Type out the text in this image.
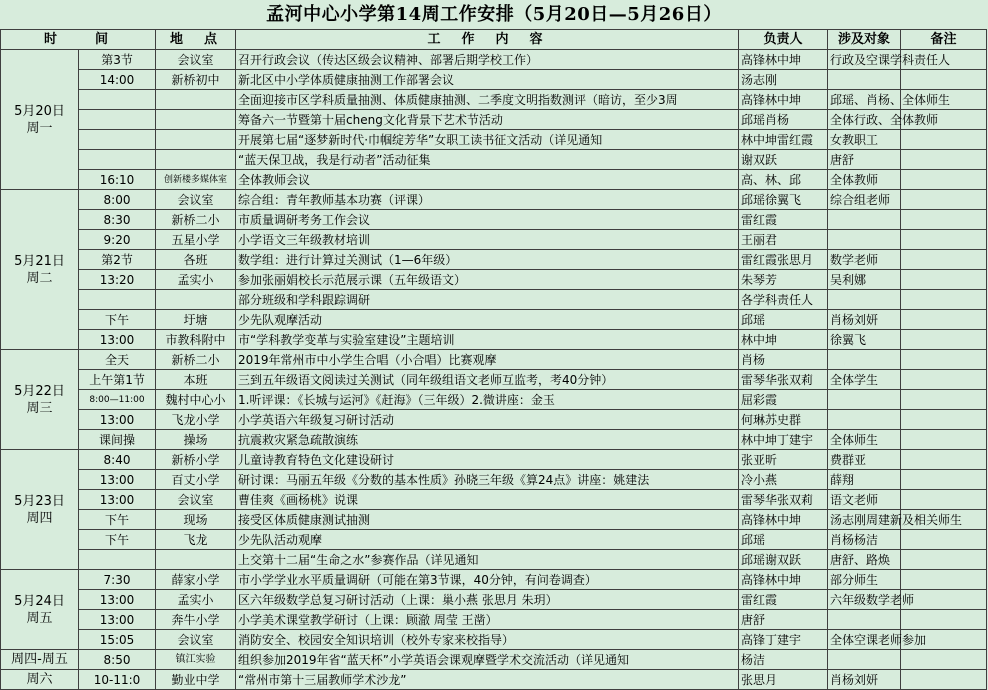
孟河中心小学第14周工作安排（5月20日—5月26日）
时　　间		地　点	工　作　内　容	负责人	涉及对象	备注
5月20日
周一	第3节	会议室	召开行政会议（传达区级会议精神、部署后期学校工作）	高锋林中坤	行政及空课学科责任人	
	14:00	新桥初中	新北区中小学体质健康抽测工作部署会议	汤志刚		
			全面迎接市区学科质量抽测、体质健康抽测、二季度文明指数测评（暗访，至少3周	高锋林中坤	邱瑶、肖杨、全体师生	
			筹备六一节暨第十届cheng文化背景下艺术节活动	邱瑶肖杨	全体行政、全体教师	
			开展第七届“逐梦新时代·巾帼绽芳华”女职工读书征文活动（详见通知	林中坤雷红霞	女教职工	
			“蓝天保卫战，我是行动者”活动征集	谢双跃	唐舒	
	16:10	创新楼多媒体室	全体教师会议	高、林、邱	全体教师	
5月21日
周二	8:00	会议室	综合组：青年教师基本功赛（评课）	邱瑶徐翼飞	综合组老师	
	8:30	新桥二小	市质量调研考务工作会议	雷红霞		
	9:20	五星小学	小学语文三年级教材培训	王丽君		
	第2节	各班	数学组：进行计算过关测试（1—6年级）	雷红霞张思月	数学老师	
	13:20	孟实小	参加张丽娟校长示范展示课（五年级语文）	朱琴芳	吴利娜	
			部分班级和学科跟踪调研	各学科责任人		
	下午	圩塘	少先队观摩活动	邱瑶	肖杨刘妍	
	13:00	市教科附中	市“学科教学变革与实验室建设”主题培训	林中坤	徐翼飞	
5月22日
周三	全天	新桥二小	2019年常州市中小学生合唱（小合唱）比赛观摩	肖杨		
	上午第1节	本班	三到五年级语文阅读过关测试（同年级组语文老师互监考，考40分钟）	雷琴华张双莉	全体学生	
	8:00—11:00	魏村中心小	1.听评课：《长城与运河》《赶海》（三年级）2.微讲座：金玉	屈彩霞		
	13:00	飞龙小学	小学英语六年级复习研讨活动	何琳苏史群		
	课间操	操场	抗震救灾紧急疏散演练	林中坤丁建宇	全体师生	
5月23日
周四	8:40	新桥小学	儿童诗教育特色文化建设研讨	张亚昕	费群亚	
	13:00	百丈小学	研讨课：马丽五年级《分数的基本性质》孙晓三年级《算24点》讲座：姚建法	冷小燕	薛翔	
	13:00	会议室	曹佳爽《画杨桃》说课	雷琴华张双莉	语文老师	
	下午	现场	接受区体质健康测试抽测	高锋林中坤	汤志刚周建新及相关师生	
	下午	飞龙	少先队活动观摩	邱瑶	肖杨杨洁	
			上交第十二届“生命之水”参赛作品（详见通知	邱瑶谢双跃	唐舒、路焕	
5月24日
周五	7:30	薛家小学	市小学学业水平质量调研（可能在第3节课，40分钟，有问卷调查）	高锋林中坤	部分师生	
	13:00	孟实小	区六年级数学总复习研讨活动（上课：巢小燕 张思月 朱玥）	雷红霞	六年级数学老师	
	13:00	奔牛小学	小学美术课堂教学研讨（上课：顾澈 周莹 王凿）	唐舒		
	15:05	会议室	消防安全、校园安全知识培训（校外专家来校指导）	高锋丁建宇	全体空课老师参加	
周四-周五	8:50	镇江实验	组织参加2019年省“蓝天杯”小学英语会课观摩暨学术交流活动（详见通知	杨洁		
周六	10-11:0	勤业中学	“常州市第十三届教师学术沙龙”	张思月	肖杨刘妍	
